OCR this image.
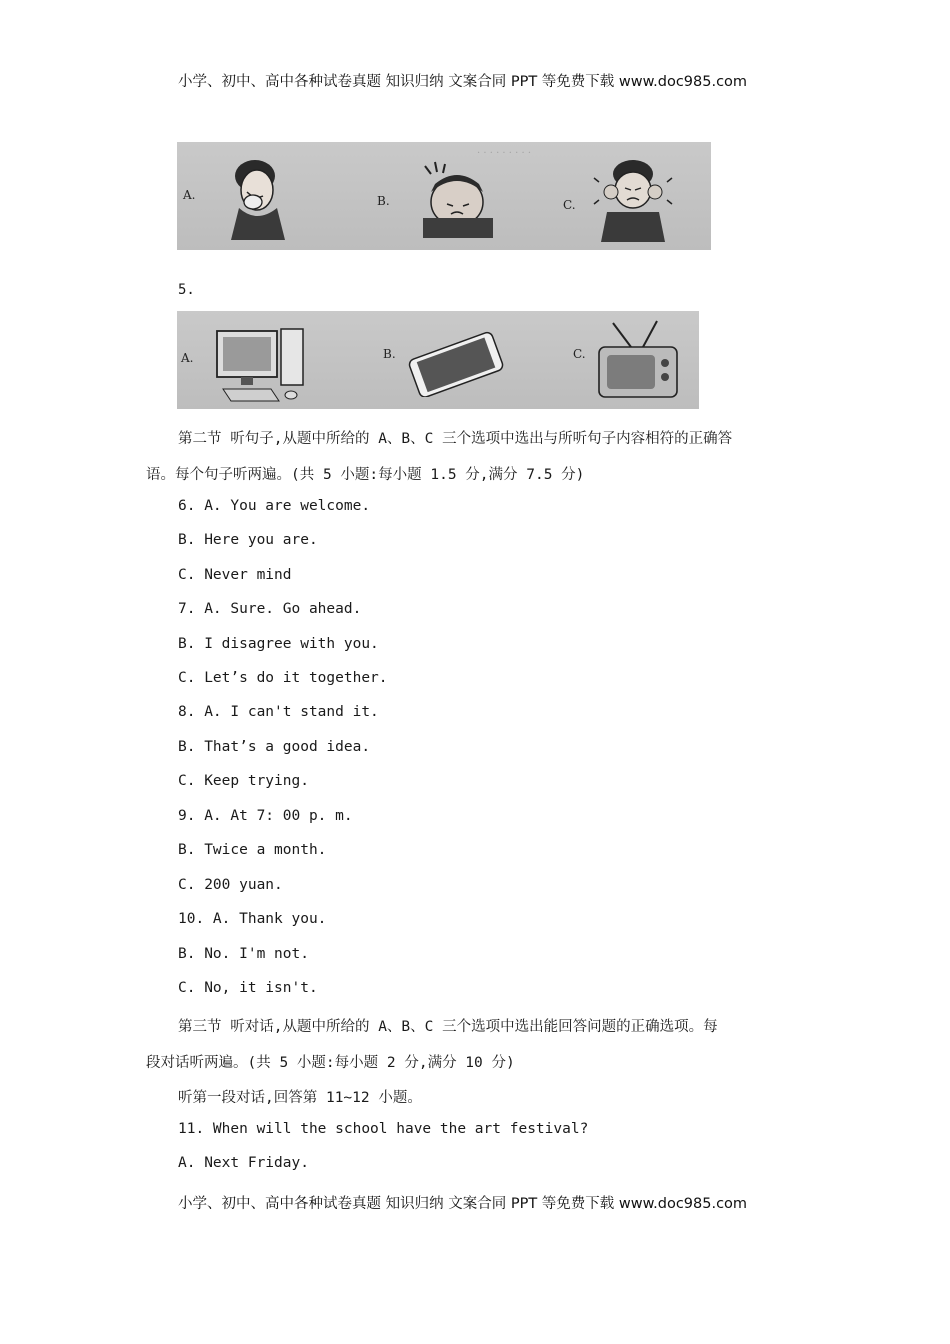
小学、初中、高中各种试卷真题 知识归纳 文案合同 PPT 等免费下载 www.doc985.com
· · · · · · · · ·
A.	B.	C.
5.
A.	B.	C.
第二节 听句子,从题中所给的 A、B、C 三个选项中选出与所听句子内容相符的正确答
语。每个句子听两遍。(共 5 小题:每小题 1.5 分,满分 7.5 分)
6. A. You are welcome.
B. Here you are.
C. Never mind
7. A. Sure. Go ahead.
B. I disagree with you.
C. Let’s do it together.
8. A. I can't stand it.
B. That’s a good idea.
C. Keep trying.
9. A. At 7: 00 p. m.
B. Twice a month.
C. 200 yuan.
10. A. Thank you.
B. No. I'm not.
C. No, it isn't.
第三节 听对话,从题中所给的 A、B、C 三个选项中选出能回答问题的正确选项。每
段对话听两遍。(共 5 小题:每小题 2 分,满分 10 分)
听第一段对话,回答第 11~12 小题。
11. When will the school have the art festival?
A. Next Friday.
小学、初中、高中各种试卷真题 知识归纳 文案合同 PPT 等免费下载 www.doc985.com
